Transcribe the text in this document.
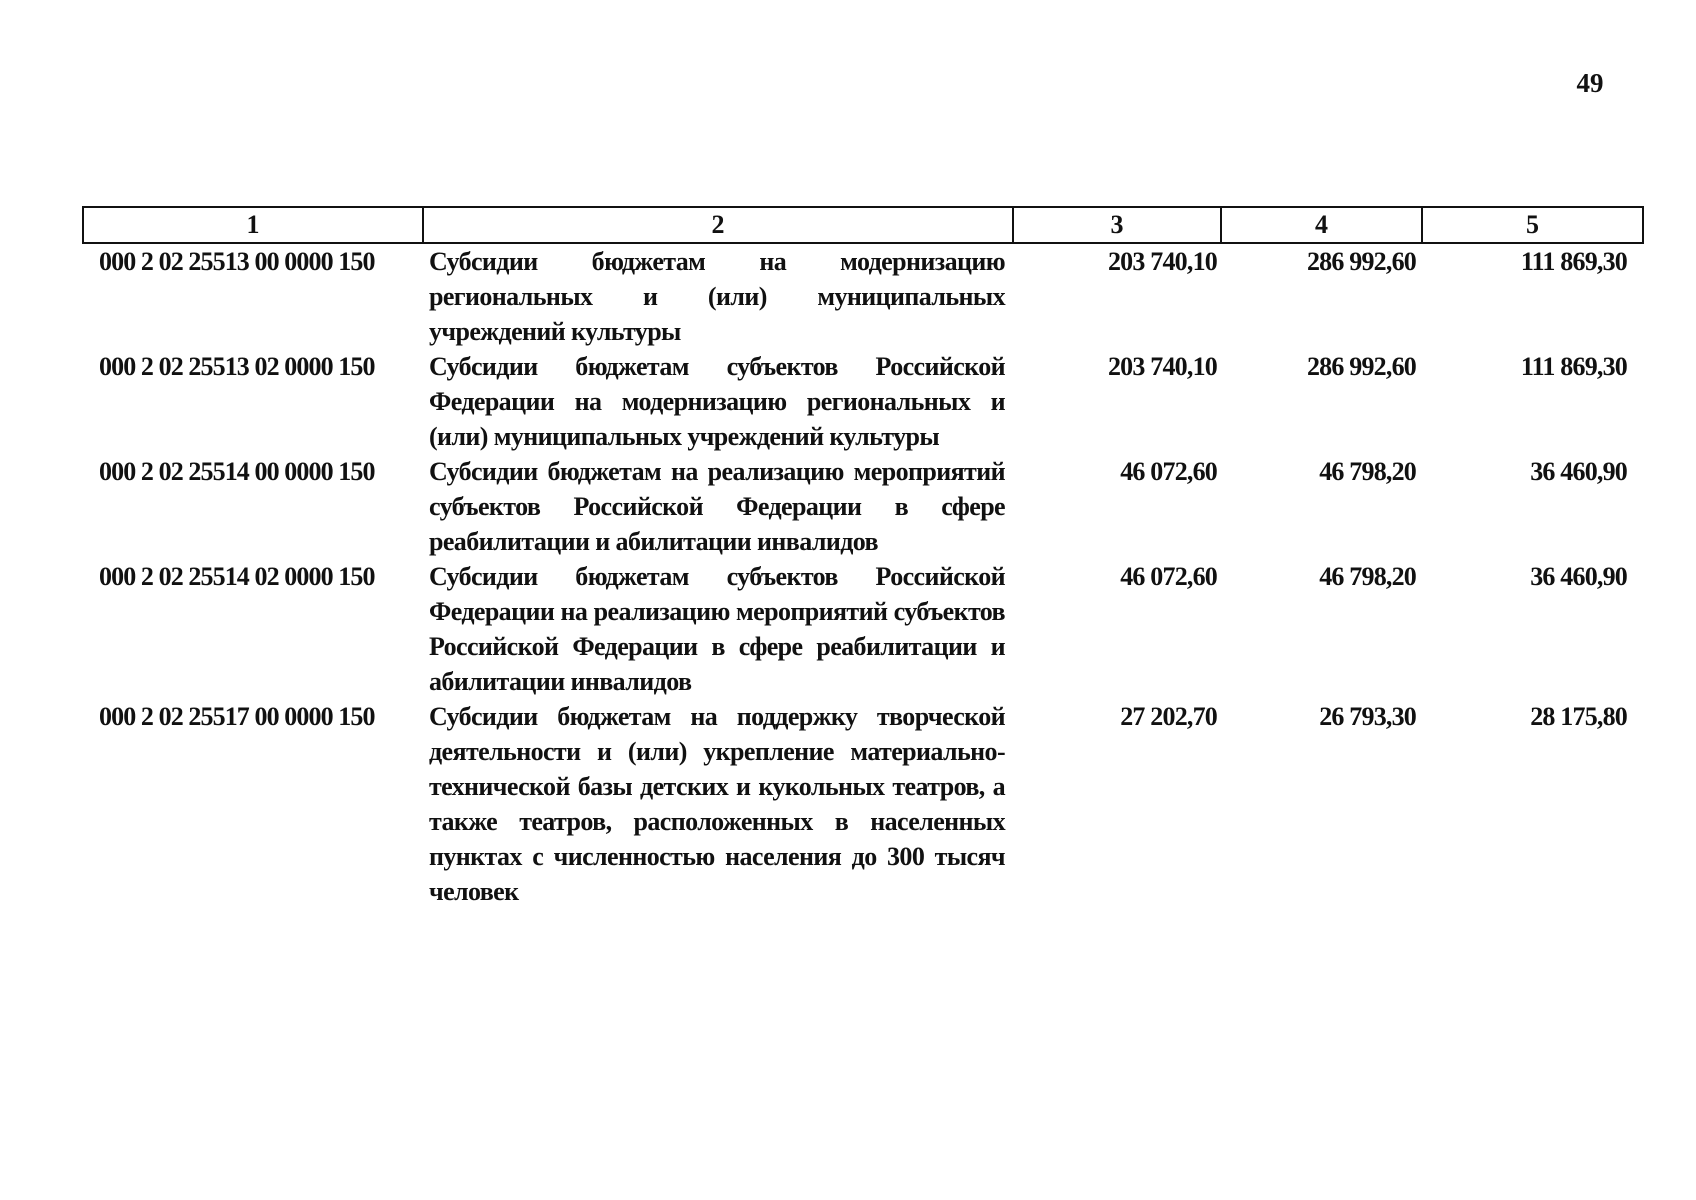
49
1	2	3	4	5
000 2 02 25513 00 0000 150	Субсидии бюджетам на модернизацию региональных и (или) муниципальных учреждений культуры	203 740,10	286 992,60	111 869,30
000 2 02 25513 02 0000 150	Субсидии бюджетам субъектов Российской Федерации на модернизацию региональных и (или) муниципальных учреждений культуры	203 740,10	286 992,60	111 869,30
000 2 02 25514 00 0000 150	Субсидии бюджетам на реализацию мероприятий субъектов Российской Федерации в сфере реабилитации и абилитации инвалидов	46 072,60	46 798,20	36 460,90
000 2 02 25514 02 0000 150	Субсидии бюджетам субъектов Российской Федерации на реализацию мероприятий субъектов Российской Федерации в сфере реабилитации и абилитации инвалидов	46 072,60	46 798,20	36 460,90
000 2 02 25517 00 0000 150	Субсидии бюджетам на поддержку творческой деятельности и (или) укрепление материально-технической базы детских и кукольных театров, а также театров, расположенных в населенных пунктах с численностью населения до 300 тысяч человек	27 202,70	26 793,30	28 175,80
